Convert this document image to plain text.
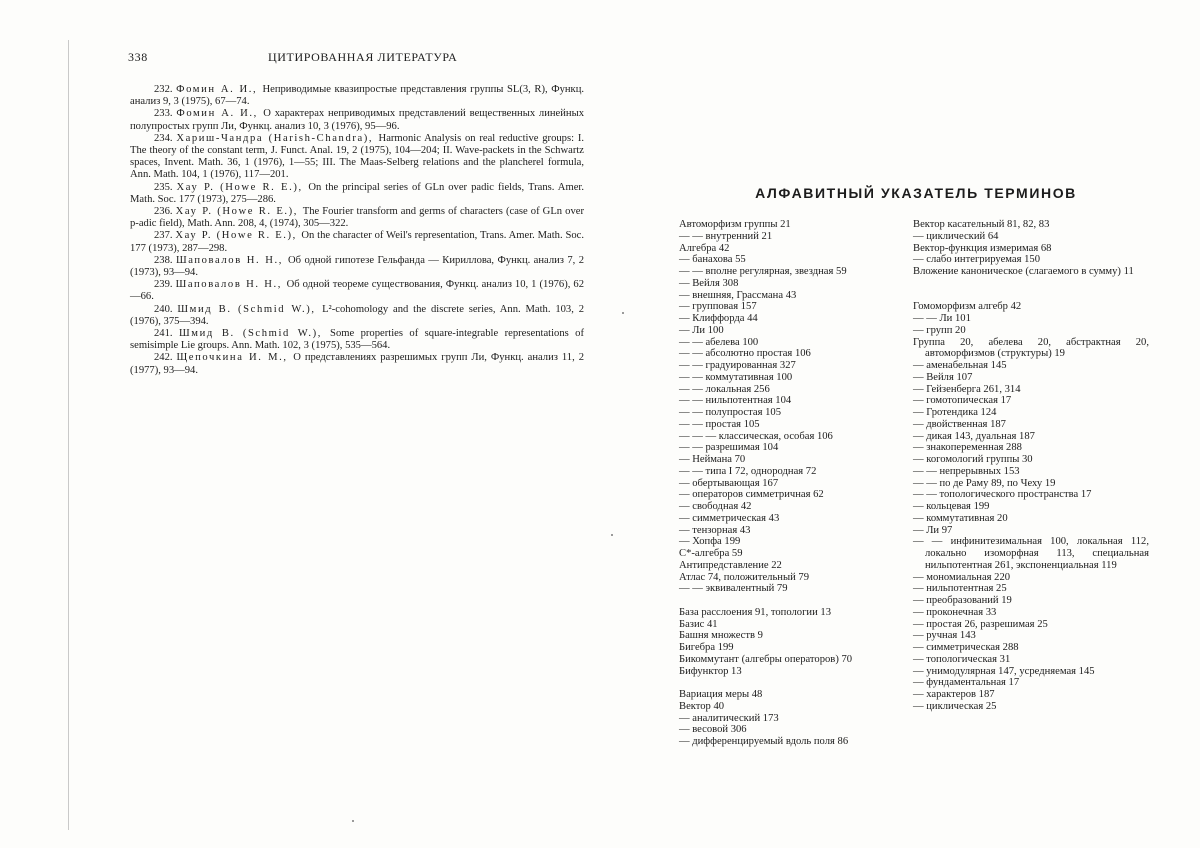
338	ЦИТИРОВАННАЯ ЛИТЕРАТУРА

232. Фомин А. И., Неприводимые квазипростые представления группы SL(3, R), Функц. анализ 9, 3 (1975), 67—74.

233. Фомин А. И., О характерах неприводимых представлений вещественных линейных полупростых групп Ли, Функц. анализ 10, 3 (1976), 95—96.

234. Хариш-Чандра (Harish-Chandra), Harmonic Analysis on real reductive groups: I. The theory of the constant term, J. Funct. Anal. 19, 2 (1975), 104—204; II. Wave-packets in the Schwartz spaces, Invent. Math. 36, 1 (1976), 1—55; III. The Maas-Selberg relations and the plancherel formula, Ann. Math. 104, 1 (1976), 117—201.

235. Хау Р. (Howe R. E.), On the principal series of GLn over padic fields, Trans. Amer. Math. Soc. 177 (1973), 275—286.

236. Хау Р. (Howe R. E.), The Fourier transform and germs of characters (case of GLn over p-adic field), Math. Ann. 208, 4, (1974), 305—322.

237. Хау Р. (Howe R. E.), On the character of Weil's representation, Trans. Amer. Math. Soc. 177 (1973), 287—298.

238. Шаповалов Н. Н., Об одной гипотезе Гельфанда — Кириллова, Функц. анализ 7, 2 (1973), 93—94.

239. Шаповалов Н. Н., Об одной теореме существования, Функц. анализ 10, 1 (1976), 62—66.

240. Шмид В. (Schmid W.), L²-cohomology and the discrete series, Ann. Math. 103, 2 (1976), 375—394.

241. Шмид В. (Schmid W.), Some properties of square-integrable representations of semisimple Lie groups. Ann. Math. 102, 3 (1975), 535—564.

242. Щепочкина И. М., О представлениях разрешимых групп Ли, Функц. анализ 11, 2 (1977), 93—94.

АЛФАВИТНЫЙ УКАЗАТЕЛЬ ТЕРМИНОВ
Автоморфизм группы 21
— — внутренний 21
Алгебра 42
— банахова 55
— — вполне регулярная, звездная 59
— Вейля 308
— внешняя, Грассмана 43
— групповая 157
— Клиффорда 44
— Ли 100
— — абелева 100
— — абсолютно простая 106
— — градуированная 327
— — коммутативная 100
— — локальная 256
— — нильпотентная 104
— — полупростая 105
— — простая 105
— — — классическая, особая 106
— — разрешимая 104
— Неймана 70
— — типа I 72, однородная 72
— обертывающая 167
— операторов симметричная 62
— свободная 42
— симметрическая 43
— тензорная 43
— Хопфа 199
C*-алгебра 59
Антипредставление 22
Атлас 74, положительный 79
— — эквивалентный 79
База расслоения 91, топологии 13
Базис 41
Башня множеств 9
Бигебра 199
Бикоммутант (алгебры операторов) 70
Бифунктор 13
Вариация меры 48
Вектор 40
— аналитический 173
— весовой 306
— дифференцируемый вдоль поля 86
Вектор касательный 81, 82, 83
— циклический 64
Вектор-функция измеримая 68
— слабо интегрируемая 150
Вложение каноническое (слагаемого в сумму) 11
Гомоморфизм алгебр 42
— — Ли 101
— групп 20
Группа 20, абелева 20, абстрактная 20, автоморфизмов (структуры) 19
— аменабельная 145
— Вейля 107
— Гейзенберга 261, 314
— гомотопическая 17
— Гротендика 124
— двойственная 187
— дикая 143, дуальная 187
— знакопеременная 288
— когомологий группы 30
— — непрерывных 153
— — по де Раму 89, по Чеху 19
— — топологического пространства 17
— кольцевая 199
— коммутативная 20
— Ли 97
— — инфинитезимальная 100, локальная 112, локально изоморфная 113, специальная нильпотентная 261, экспоненциальная 119
— мономиальная 220
— нильпотентная 25
— преобразований 19
— проконечная 33
— простая 26, разрешимая 25
— ручная 143
— симметрическая 288
— топологическая 31
— унимодулярная 147, усредняемая 145
— фундаментальная 17
— характеров 187
— циклическая 25
